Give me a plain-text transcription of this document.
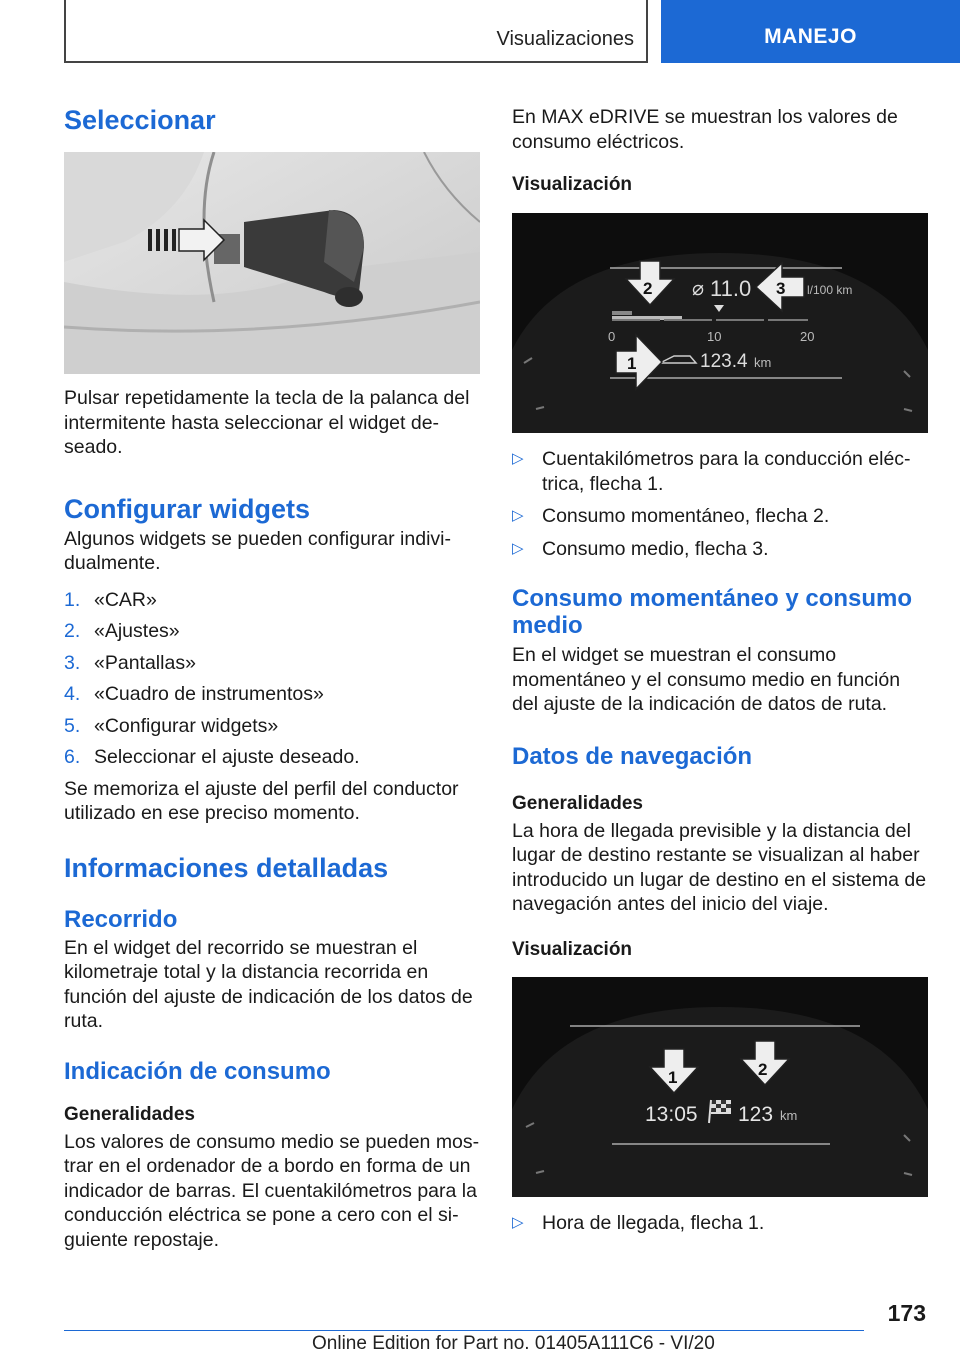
Visualizaciones	MANEJO
Seleccionar

Pulsar repetidamente la tecla de la palanca del intermitente hasta seleccionar el widget deseado.

Configurar widgets

Algunos widgets se pueden configurar individualmente.

1. «CAR»
2. «Ajustes»
3. «Pantallas»
4. «Cuadro de instrumentos»
5. «Configurar widgets»
6. Seleccionar el ajuste deseado.

Se memoriza el ajuste del perfil del conductor utilizado en ese preciso momento.

Informaciones detalladas
Recorrido

En el widget del recorrido se muestran el kilometraje total y la distancia recorrida en función del ajuste de indicación de los datos de ruta.

Indicación de consumo
Generalidades

Los valores de consumo medio se pueden mostrar en el ordenador de a bordo en forma de un indicador de barras. El cuentakilómetros para la conducción eléctrica se pone a cero con el siguiente repostaje.

En MAX eDRIVE se muestran los valores de consumo eléctricos.

Visualización
⌀ 11.0	l/100 km
0	10	20
123.4 km
2	3
1
▷ Cuentakilómetros para la conducción eléctrica, flecha 1.
▷ Consumo momentáneo, flecha 2.
▷ Consumo medio, flecha 3.
Consumo momentáneo y consumo medio

En el widget se muestran el consumo momentáneo y el consumo medio en función del ajuste de la indicación de datos de ruta.

Datos de navegación
Generalidades

La hora de llegada previsible y la distancia del lugar de destino restante se visualizan al haber introducido un lugar de destino en el sistema de navegación antes del inicio del viaje.

Visualización
13:05 123 km
1	2
▷ Hora de llegada, flecha 1.
173
Online Edition for Part no. 01405A111C6 - VI/20
